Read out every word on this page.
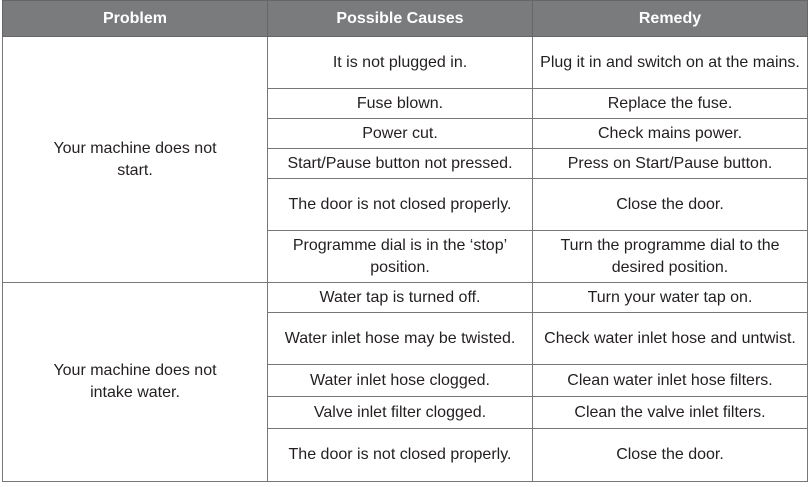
Problem	Possible Causes	Remedy
Your machine does not start.	It is not plugged in.	Plug it in and switch on at the mains.
	Fuse blown.	Replace the fuse.
	Power cut.	Check mains power.
	Start/Pause button not pressed.	Press on Start/Pause button.
	The door is not closed properly.	Close the door.
	Programme dial is in the ‘stop’ position.	Turn the programme dial to the desired position.
Your machine does not intake water.	Water tap is turned off.	Turn your water tap on.
	Water inlet hose may be twisted.	Check water inlet hose and untwist.
	Water inlet hose clogged.	Clean water inlet hose filters.
	Valve inlet filter clogged.	Clean the valve inlet filters.
	The door is not closed properly.	Close the door.
